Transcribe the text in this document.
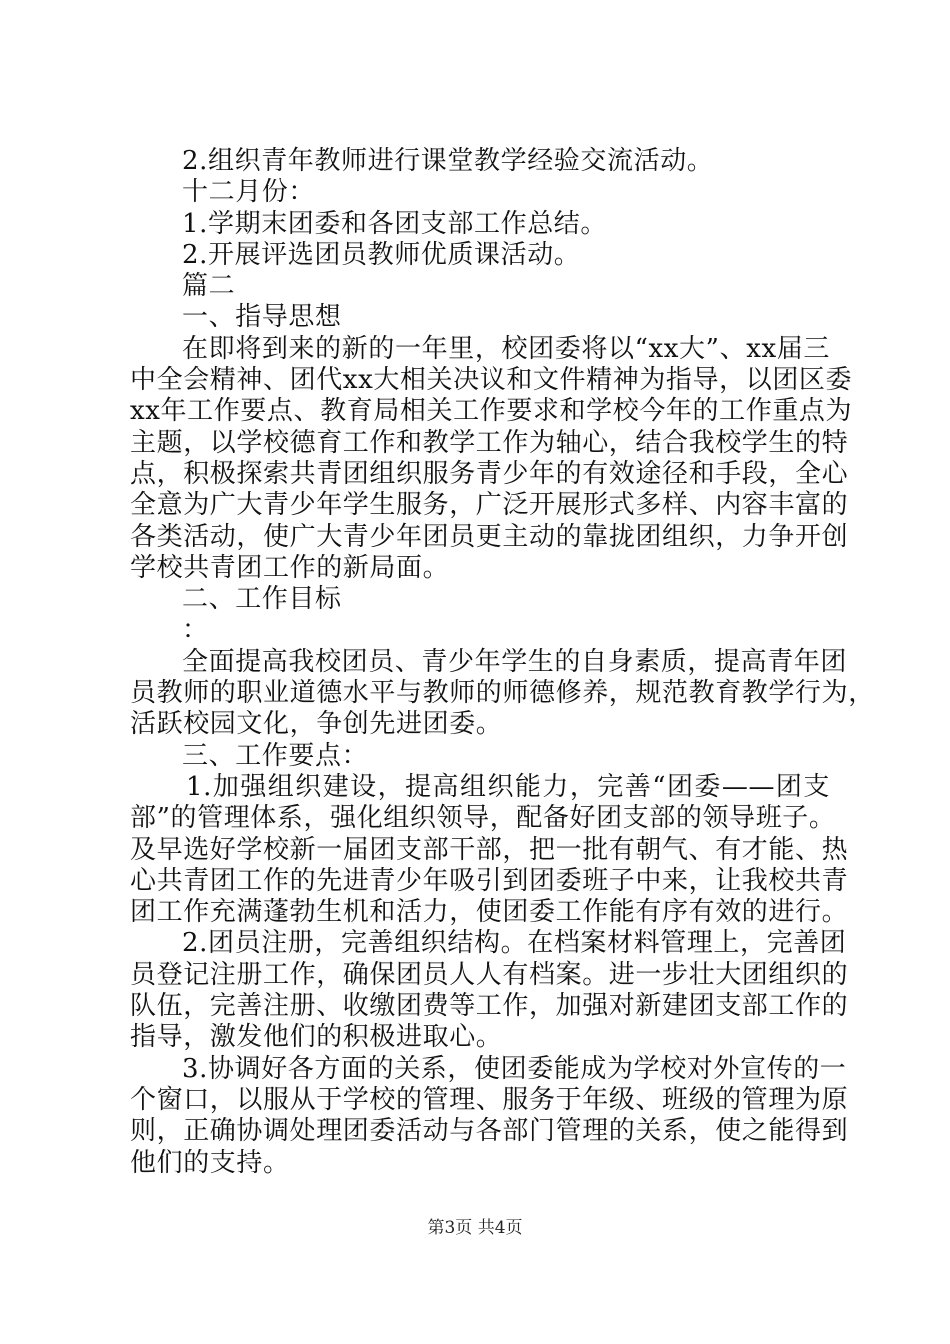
2.组织青年教师进行课堂教学经验交流活动。
十二月份：
1.学期末团委和各团支部工作总结。
2.开展评选团员教师优质课活动。
篇二
一、指导思想
在即将到来的新的一年里，校团委将以“xx大”、xx届三
中全会精神、团代xx大相关决议和文件精神为指导，以团区委
xx年工作要点、教育局相关工作要求和学校今年的工作重点为
主题，以学校德育工作和教学工作为轴心，结合我校学生的特
点，积极探索共青团组织服务青少年的有效途径和手段，全心
全意为广大青少年学生服务，广泛开展形式多样、内容丰富的
各类活动，使广大青少年团员更主动的靠拢团组织，力争开创
学校共青团工作的新局面。
二、工作目标
：
全面提高我校团员、青少年学生的自身素质，提高青年团
员教师的职业道德水平与教师的师德修养，规范教育教学行为，
活跃校园文化，争创先进团委。
三、工作要点：
1.加强组织建设，提高组织能力，完善“团委——团支
部”的管理体系，强化组织领导，配备好团支部的领导班子。
及早选好学校新一届团支部干部，把一批有朝气、有才能、热
心共青团工作的先进青少年吸引到团委班子中来，让我校共青
团工作充满蓬勃生机和活力，使团委工作能有序有效的进行。
2.团员注册，完善组织结构。在档案材料管理上，完善团
员登记注册工作，确保团员人人有档案。进一步壮大团组织的
队伍，完善注册、收缴团费等工作，加强对新建团支部工作的
指导，激发他们的积极进取心。
3.协调好各方面的关系，使团委能成为学校对外宣传的一
个窗口，以服从于学校的管理、服务于年级、班级的管理为原
则，正确协调处理团委活动与各部门管理的关系，使之能得到
他们的支持。
第3页 共4页
